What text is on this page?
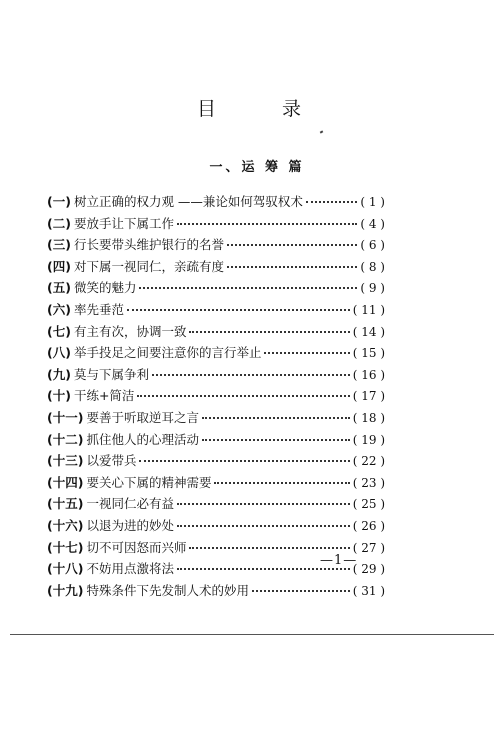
目 录
一、运 筹 篇
(一) 树立正确的权力观 ——兼论如何驾驭权术	( 1 )
(二) 要放手让下属工作	( 4 )
(三) 行长要带头维护银行的名誉	( 6 )
(四) 对下属一视同仁，亲疏有度	( 8 )
(五) 微笑的魅力	( 9 )
(六) 率先垂范	( 11 )
(七) 有主有次，协调一致	( 14 )
(八) 举手投足之间要注意你的言行举止	( 15 )
(九) 莫与下属争利	( 16 )
(十) 干练+简洁	( 17 )
(十一) 要善于听取逆耳之言	( 18 )
(十二) 抓住他人的心理活动	( 19 )
(十三) 以爱带兵	( 22 )
(十四) 要关心下属的精神需要	( 23 )
(十五) 一视同仁必有益	( 25 )
(十六) 以退为进的妙处	( 26 )
(十七) 切不可因怒而兴师	( 27 )
(十八) 不妨用点激将法	( 29 )
(十九) 特殊条件下先发制人术的妙用	( 31 )
—1—
